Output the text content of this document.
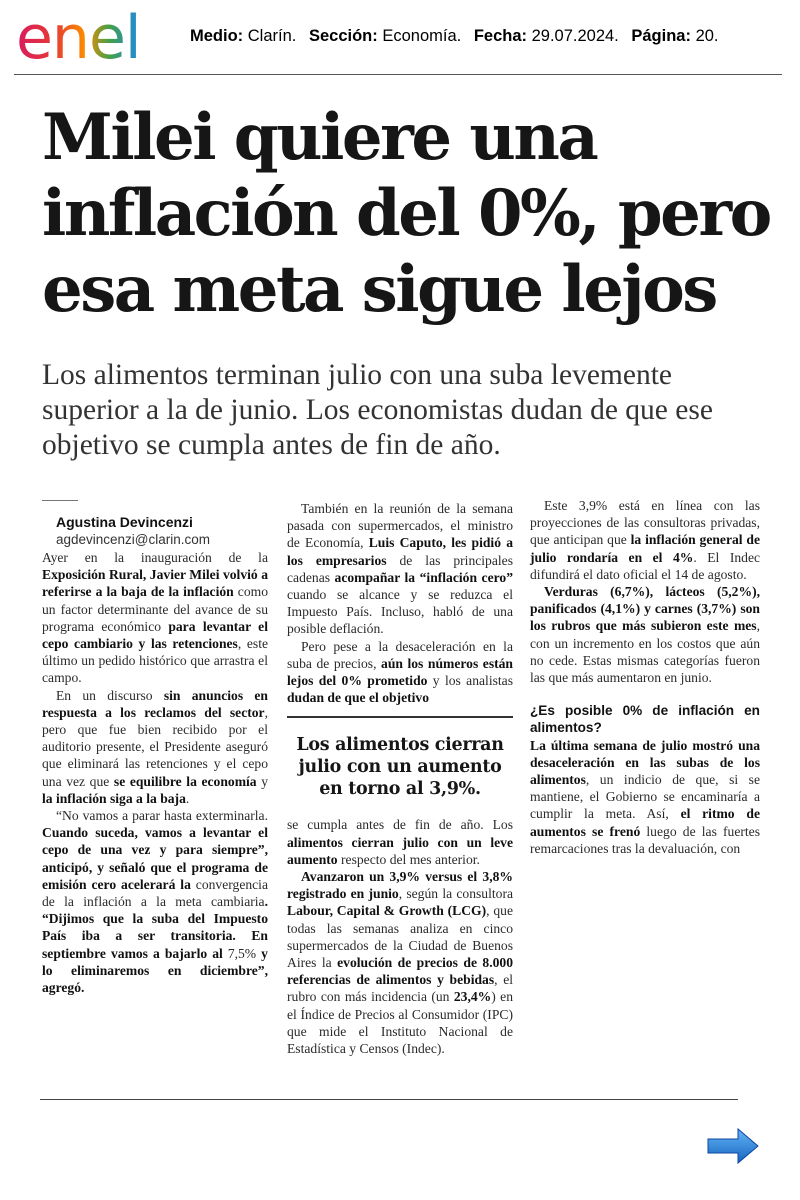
enel	Medio: Clarín. Sección: Economía. Fecha: 29.07.2024. Página: 20.
Milei quiere una
inflación del 0%, pero
esa meta sigue lejos
Los alimentos terminan julio con una suba levemente superior a la de junio. Los economistas dudan de que ese objetivo se cumpla antes de fin de año.

Agustina Devincenzi

agdevincenzi@clarin.com

Ayer en la inauguración de la Exposición Rural, Javier Milei volvió a referirse a la baja de la inflación como un factor determinante del avance de su programa económico para levantar el cepo cambiario y las retenciones, este último un pedido histórico que arrastra el campo.

En un discurso sin anuncios en respuesta a los reclamos del sector, pero que fue bien recibido por el auditorio presente, el Presidente aseguró que eliminará las retenciones y el cepo una vez que se equilibre la economía y la inflación siga a la baja.

“No vamos a parar hasta exterminarla. Cuando suceda, vamos a levantar el cepo de una vez y para siempre”, anticipó, y señaló que el programa de emisión cero acelerará la convergencia de la inflación a la meta cambiaria. “Dijimos que la suba del Impuesto País iba a ser transitoria. En septiembre vamos a bajarlo al 7,5% y lo eliminaremos en diciembre”, agregó.

También en la reunión de la semana pasada con supermercados, el ministro de Economía, Luis Caputo, les pidió a los empresarios de las principales cadenas acompañar la “inflación cero” cuando se alcance y se reduzca el Impuesto País. Incluso, habló de una posible deflación.

Pero pese a la desaceleración en la suba de precios, aún los números están lejos del 0% prometido y los analistas dudan de que el objetivo

Los alimentos cierran julio con un aumento en torno al 3,9%.

se cumpla antes de fin de año. Los alimentos cierran julio con un leve aumento respecto del mes anterior.

Avanzaron un 3,9% versus el 3,8% registrado en junio, según la consultora Labour, Capital & Growth (LCG), que todas las semanas analiza en cinco supermercados de la Ciudad de Buenos Aires la evolución de precios de 8.000 referencias de alimentos y bebidas, el rubro con más incidencia (un 23,4%) en el Índice de Precios al Consumidor (IPC) que mide el Instituto Nacional de Estadística y Censos (Indec).

Este 3,9% está en línea con las proyecciones de las consultoras privadas, que anticipan que la inflación general de julio rondaría en el 4%. El Indec difundirá el dato oficial el 14 de agosto.

Verduras (6,7%), lácteos (5,2%), panificados (4,1%) y carnes (3,7%) son los rubros que más subieron este mes, con un incremento en los costos que aún no cede. Estas mismas categorías fueron las que más aumentaron en junio.

¿Es posible 0% de inflación en alimentos?

La última semana de julio mostró una desaceleración en las subas de los alimentos, un indicio de que, si se mantiene, el Gobierno se encaminaría a cumplir la meta. Así, el ritmo de aumentos se frenó luego de las fuertes remarcaciones tras la devaluación, con
